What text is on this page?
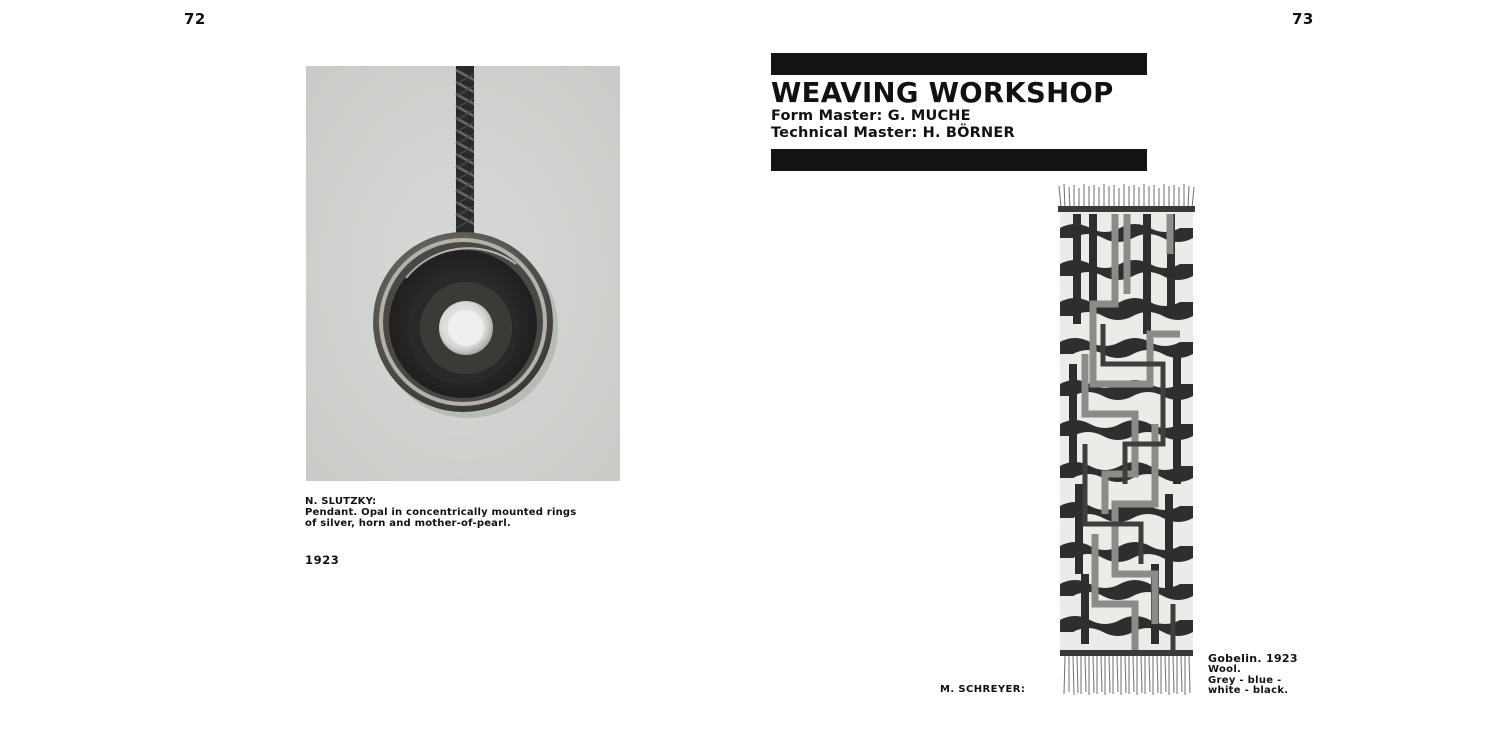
72	73
N. SLUTZKY:
Pendant. Opal in concentrically mounted rings
of silver, horn and mother-of-pearl.
1923
WEAVING WORKSHOP
Form Master: G. MUCHE
Technical Master: H. BÖRNER
M. SCHREYER:
Gobelin. 1923
Wool.
Grey - blue -
white - black.
